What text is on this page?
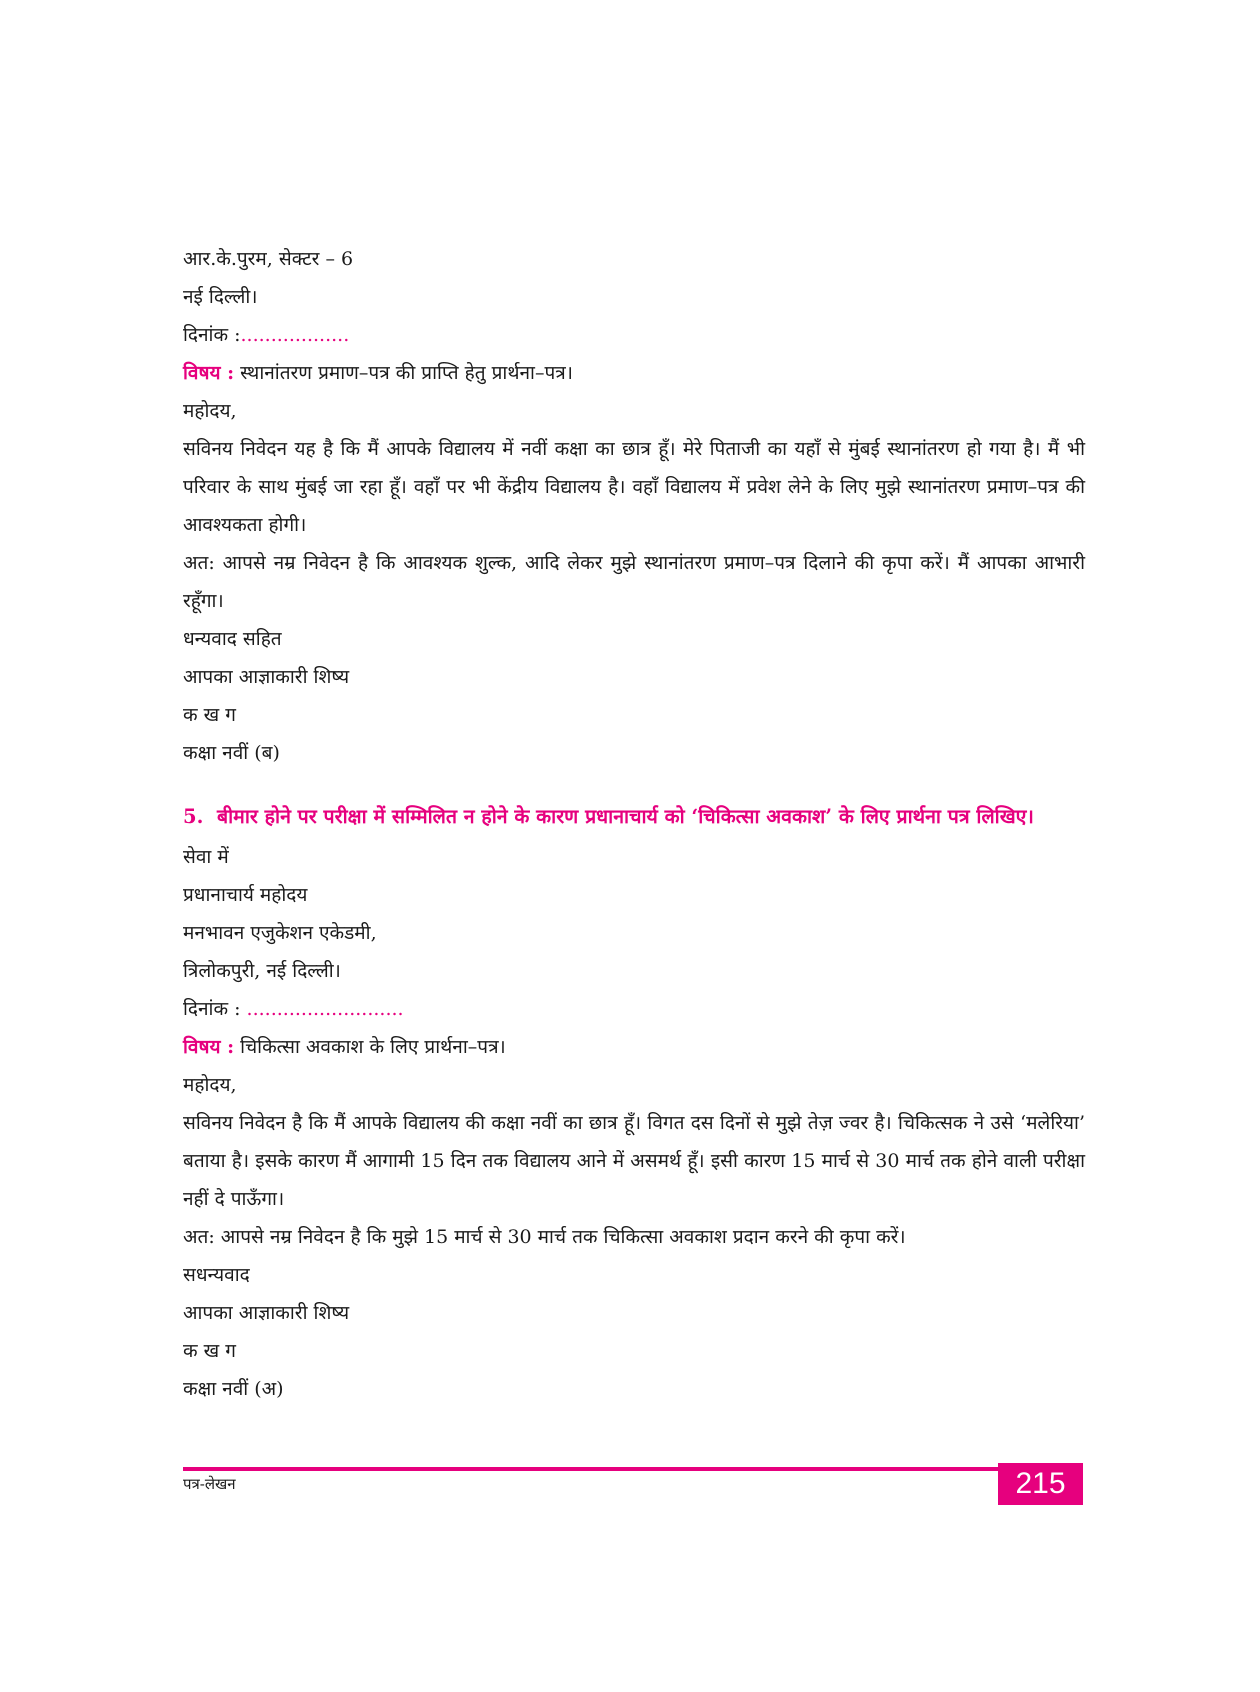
आर.के.पुरम, सेक्टर – 6

नई दिल्ली।

दिनांक :..................

विषय : स्थानांतरण प्रमाण–पत्र की प्राप्ति हेतु प्रार्थना–पत्र।

महोदय,

सविनय निवेदन यह है कि मैं आपके विद्यालय में नवीं कक्षा का छात्र हूँ। मेरे पिताजी का यहाँ से मुंबई स्थानांतरण हो गया है। मैं भी परिवार के साथ मुंबई जा रहा हूँ। वहाँ पर भी केंद्रीय विद्यालय है। वहाँ विद्यालय में प्रवेश लेने के लिए मुझे स्थानांतरण प्रमाण–पत्र की आवश्यकता होगी।

अत: आपसे नम्र निवेदन है कि आवश्यक शुल्क, आदि लेकर मुझे स्थानांतरण प्रमाण–पत्र दिलाने की कृपा करें। मैं आपका आभारी रहूँगा।

धन्यवाद सहित

आपका आज्ञाकारी शिष्य

क ख ग

कक्षा नवीं (ब)

5. बीमार होने पर परीक्षा में सम्मिलित न होने के कारण प्रधानाचार्य को ‘चिकित्सा अवकाश’ के लिए प्रार्थना पत्र लिखिए।

सेवा में

प्रधानाचार्य महोदय

मनभावन एजुकेशन एकेडमी,

त्रिलोकपुरी, नई दिल्ली।

दिनांक : ..........................

विषय : चिकित्सा अवकाश के लिए प्रार्थना–पत्र।

महोदय,

सविनय निवेदन है कि मैं आपके विद्यालय की कक्षा नवीं का छात्र हूँ। विगत दस दिनों से मुझे तेज़ ज्वर है। चिकित्सक ने उसे ‘मलेरिया’ बताया है। इसके कारण मैं आगामी 15 दिन तक विद्यालय आने में असमर्थ हूँ। इसी कारण 15 मार्च से 30 मार्च तक होने वाली परीक्षा नहीं दे पाऊँगा।

अत: आपसे नम्र निवेदन है कि मुझे 15 मार्च से 30 मार्च तक चिकित्सा अवकाश प्रदान करने की कृपा करें।

सधन्यवाद

आपका आज्ञाकारी शिष्य

क ख ग

कक्षा नवीं (अ)

पत्र-लेखन	215
